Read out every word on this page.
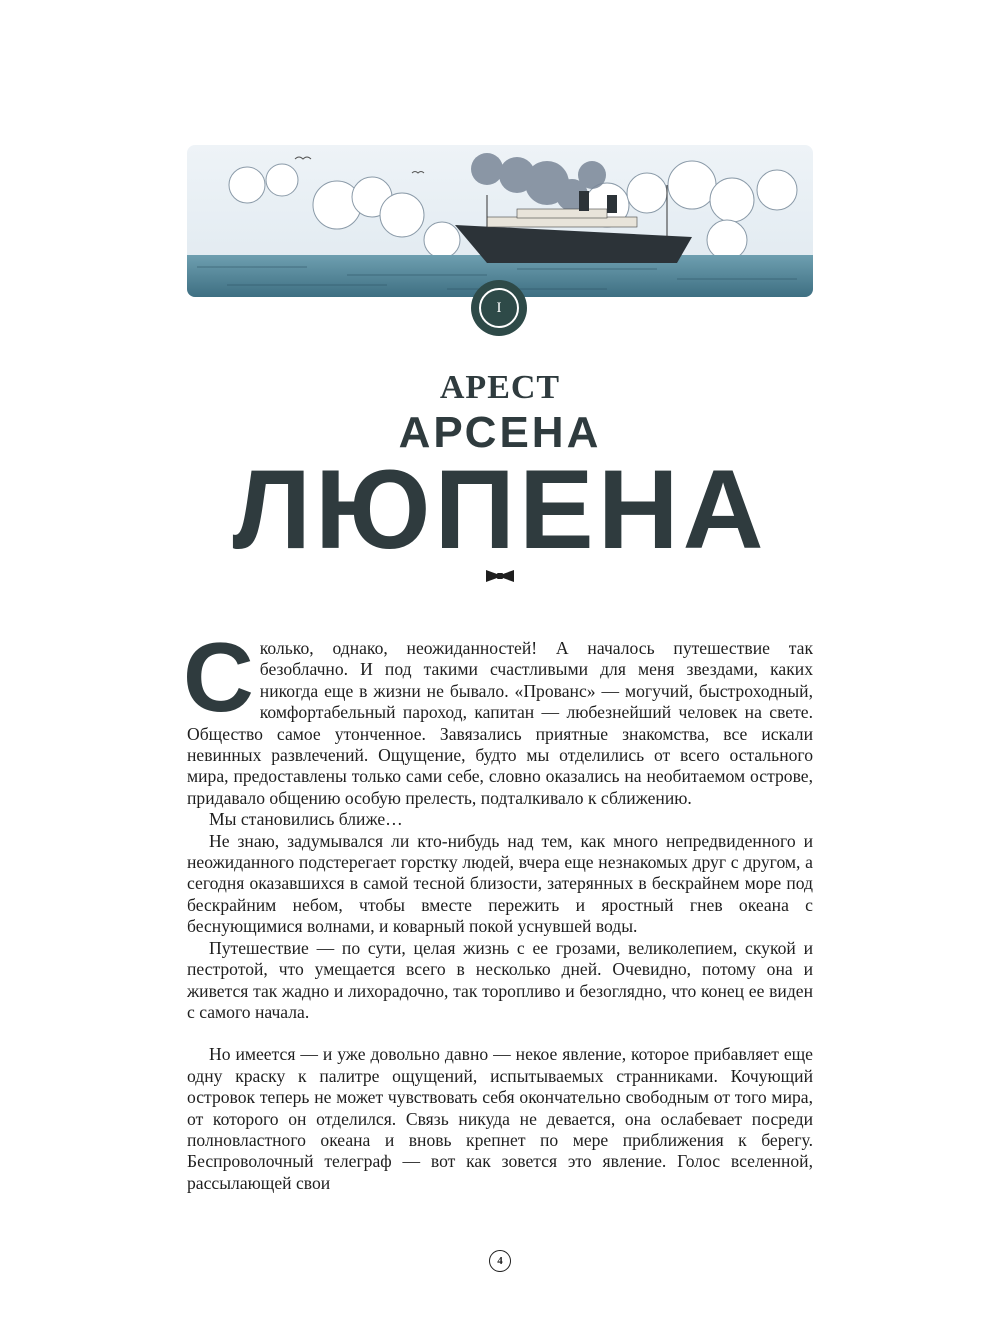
I
АРЕСТ
АРСЕНА
ЛЮПЕНА
С колько, однако, неожиданностей! А началось путешествие так безоблачно. И под такими счастливыми для меня звездами, каких никогда еще в жизни не бывало. «Прованс» — могучий, быстроходный, комфортабельный пароход, капитан — любезнейший человек на свете. Общество самое утонченное. Завязались приятные знакомства, все искали невинных развлечений. Ощущение, будто мы отделились от всего остального мира, предоставлены только сами себе, словно оказались на необитаемом острове, придавало общению особую прелесть, подталкивало к сближению.

Мы становились ближе…

Не знаю, задумывался ли кто-нибудь над тем, как много непредвиденного и неожиданного подстерегает горстку людей, вчера еще незнакомых друг с другом, а сегодня оказавшихся в самой тесной близости, затерянных в бескрайнем море под бескрайним небом, чтобы вместе пережить и яростный гнев океана с беснующимися волнами, и коварный покой уснувшей воды.

Путешествие — по сути, целая жизнь с ее грозами, великолепием, скукой и пестротой, что умещается всего в несколько дней. Очевидно, потому она и живется так жадно и лихорадочно, так торопливо и безоглядно, что конец ее виден с самого начала.

Но имеется — и уже довольно давно — некое явление, которое прибавляет еще одну краску к палитре ощущений, испытываемых странниками. Кочующий островок теперь не может чувствовать себя окончательно свободным от того мира, от которого он отделился. Связь никуда не девается, она ослабевает посреди полновластного океана и вновь крепнет по мере приближения к берегу. Беспроволочный телеграф — вот как зовется это явление. Голос вселенной, рассылающей свои

4
